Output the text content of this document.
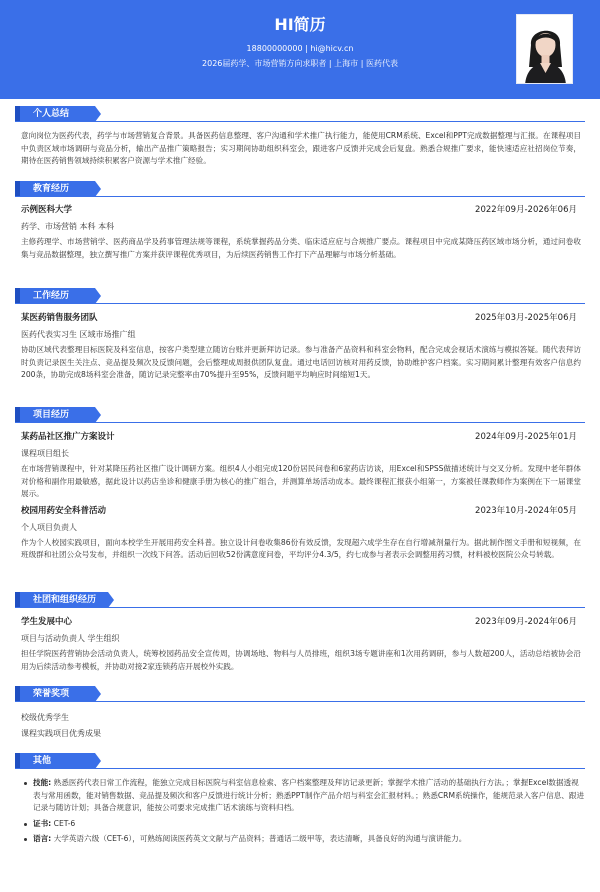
HI简历
18800000000 | hi@hicv.cn
2026届药学、市场营销方向求职者 | 上海市 | 医药代表
个人总结
意向岗位为医药代表，药学与市场营销复合背景。具备医药信息整理、客户沟通和学术推广执行能力，能使用CRM系统、Excel和PPT完成数据整理与汇报。在课程项目中负责区域市场调研与竞品分析，输出产品推广策略报告；实习期间协助组织科室会，跟进客户反馈并完成会后复盘。熟悉合规推广要求，能快速适应社招岗位节奏，期待在医药销售领域持续积累客户资源与学术推广经验。
教育经历
示例医科大学	2022年09月-2026年06月
药学、市场营销 本科 本科
主修药理学、市场营销学、医药商品学及药事管理法规等课程，系统掌握药品分类、临床适应症与合规推广要点。课程项目中完成某降压药区域市场分析，通过问卷收集与竞品数据整理，独立撰写推广方案并获评课程优秀项目，为后续医药销售工作打下产品理解与市场分析基础。
工作经历
某医药销售服务团队	2025年03月-2025年06月
医药代表实习生 区域市场推广组
协助区域代表整理目标医院及科室信息，按客户类型建立随访台账并更新拜访记录。参与准备产品资料和科室会物料，配合完成会视话术演练与模拟答疑。随代表拜访时负责记录医生关注点、竞品提及频次及反馈问题，会后整理成周报供团队复盘。通过电话回访核对用药反馈，协助维护客户档案。实习期间累计整理有效客户信息约200条，协助完成8场科室会准备，随访记录完整率由70%提升至95%，反馈问题平均响应时间缩短1天。
项目经历
某药品社区推广方案设计	2024年09月-2025年01月
课程项目组长
在市场营销课程中，针对某降压药社区推广设计调研方案。组织4人小组完成120份居民问卷和6家药店访谈，用Excel和SPSS做描述统计与交叉分析。发现中老年群体对价格和副作用最敏感，据此设计以药店坐诊和健康手册为核心的推广组合，并测算单场活动成本。最终课程汇报获小组第一，方案被任课教师作为案例在下一届课堂展示。
校园用药安全科普活动	2023年10月-2024年05月
个人项目负责人
作为个人校园实践项目，面向本校学生开展用药安全科普。独立设计问卷收集86份有效反馈，发现超六成学生存在自行增减剂量行为。据此制作图文手册和短视频，在班级群和社团公众号发布，并组织一次线下问答。活动后回收52份满意度问卷，平均评分4.3/5，约七成参与者表示会调整用药习惯，材料被校医院公众号转载。
社团和组织经历
学生发展中心	2023年09月-2024年06月
项目与活动负责人 学生组织
担任学院医药营销协会活动负责人，统筹校园药品安全宣传周，协调场地、物料与人员排班，组织3场专题讲座和1次用药调研，参与人数超200人，活动总结被协会沿用为后续活动参考模板，并协助对接2家连锁药店开展校外实践。
荣誉奖项
校级优秀学生
课程实践项目优秀成果
其他
技能: 熟悉医药代表日常工作流程，能独立完成目标医院与科室信息检索、客户档案整理及拜访记录更新；掌握学术推广活动的基础执行方法。；掌握Excel数据透视表与常用函数，能对销售数据、竞品提及频次和客户反馈进行统计分析；熟悉PPT制作产品介绍与科室会汇报材料。；熟悉CRM系统操作，能规范录入客户信息、跟进记录与随访计划；具备合规意识，能按公司要求完成推广话术演练与资料归档。
证书: CET-6
语言: 大学英语六级（CET-6），可熟练阅读医药英文文献与产品资料；普通话二级甲等，表达清晰，具备良好的沟通与演讲能力。
